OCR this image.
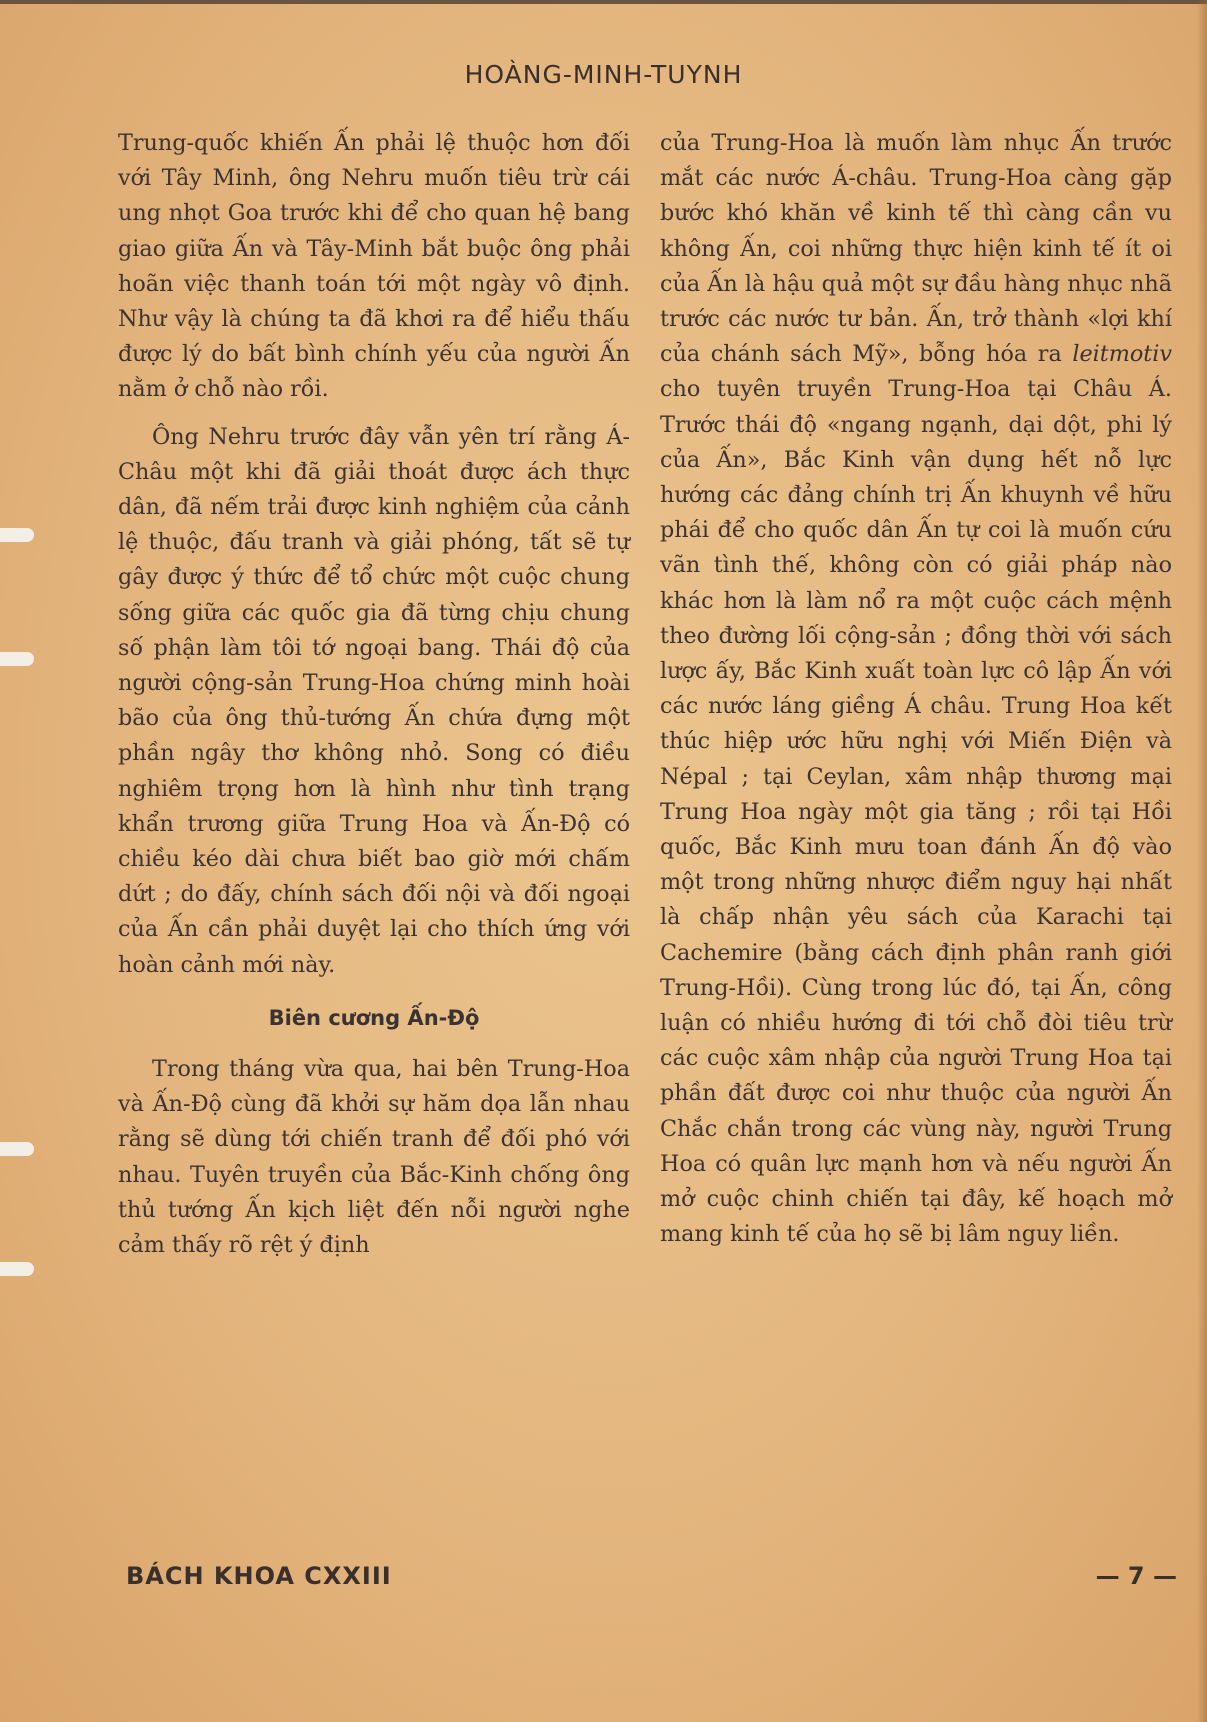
HOÀNG-MINH-TUYNH

Trung-quốc khiến Ấn phải lệ thuộc hơn đối với Tây Minh, ông Nehru muốn tiêu trừ cái ung nhọt Goa trước khi để cho quan hệ bang giao giữa Ấn và Tây-Minh bắt buộc ông phải hoãn việc thanh toán tới một ngày vô định. Như vậy là chúng ta đã khơi ra để hiểu thấu được lý do bất bình chính yếu của người Ấn nằm ở chỗ nào rồi.

Ông Nehru trước đây vẫn yên trí rằng Á-Châu một khi đã giải thoát được ách thực dân, đã nếm trải được kinh nghiệm của cảnh lệ thuộc, đấu tranh và giải phóng, tất sẽ tự gây được ý thức để tổ chức một cuộc chung sống giữa các quốc gia đã từng chịu chung số phận làm tôi tớ ngoại bang. Thái độ của người cộng-sản Trung-Hoa chứng minh hoài bão của ông thủ-tướng Ấn chứa đựng một phần ngây thơ không nhỏ. Song có điều nghiêm trọng hơn là hình như tình trạng khẩn trương giữa Trung Hoa và Ấn-Độ có chiều kéo dài chưa biết bao giờ mới chấm dứt ; do đấy, chính sách đối nội và đối ngoại của Ấn cần phải duyệt lại cho thích ứng với hoàn cảnh mới này.

Biên cương Ấn-Độ

Trong tháng vừa qua, hai bên Trung-Hoa và Ấn-Độ cùng đã khởi sự hăm dọa lẫn nhau rằng sẽ dùng tới chiến tranh để đối phó với nhau. Tuyên truyền của Bắc-Kinh chống ông thủ tướng Ấn kịch liệt đến nỗi người nghe cảm thấy rõ rệt ý định

của Trung-Hoa là muốn làm nhục Ấn trước mắt các nước Á-châu. Trung-Hoa càng gặp bước khó khăn về kinh tế thì càng cần vu không Ấn, coi những thực hiện kinh tế ít oi của Ấn là hậu quả một sự đầu hàng nhục nhã trước các nước tư bản. Ấn, trở thành «lợi khí của chánh sách Mỹ», bỗng hóa ra leitmotiv cho tuyên truyền Trung-Hoa tại Châu Á. Trước thái độ «ngang ngạnh, dại dột, phi lý của Ấn», Bắc Kinh vận dụng hết nỗ lực hướng các đảng chính trị Ấn khuynh về hữu phái để cho quốc dân Ấn tự coi là muốn cứu vãn tình thế, không còn có giải pháp nào khác hơn là làm nổ ra một cuộc cách mệnh theo đường lối cộng-sản ; đồng thời với sách lược ấy, Bắc Kinh xuất toàn lực cô lập Ấn với các nước láng giềng Á châu. Trung Hoa kết thúc hiệp ước hữu nghị với Miến Điện và Népal ; tại Ceylan, xâm nhập thương mại Trung Hoa ngày một gia tăng ; rồi tại Hồi quốc, Bắc Kinh mưu toan đánh Ấn độ vào một trong những nhược điểm nguy hại nhất là chấp nhận yêu sách của Karachi tại Cachemire (bằng cách định phân ranh giới Trung-Hồi). Cùng trong lúc đó, tại Ấn, công luận có nhiều hướng đi tới chỗ đòi tiêu trừ các cuộc xâm nhập của người Trung Hoa tại phần đất được coi như thuộc của người Ấn Chắc chắn trong các vùng này, người Trung Hoa có quân lực mạnh hơn và nếu người Ấn mở cuộc chinh chiến tại đây, kế hoạch mở mang kinh tế của họ sẽ bị lâm nguy liền.

BÁCH KHOA CXXIII	— 7 —
